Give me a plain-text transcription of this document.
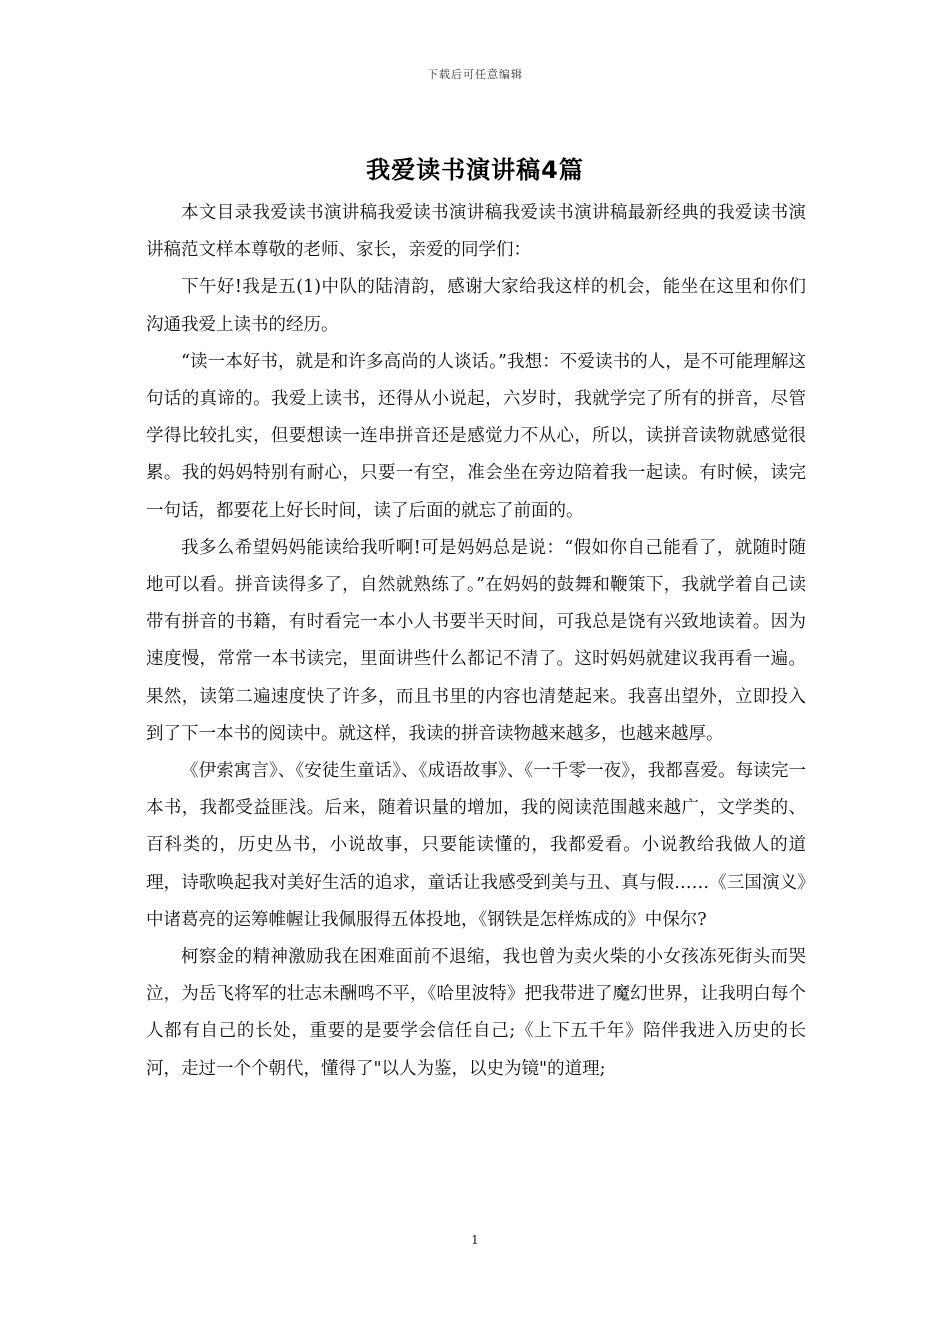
下载后可任意编辑
我爱读书演讲稿4篇

本文目录我爱读书演讲稿我爱读书演讲稿我爱读书演讲稿最新经典的我爱读书演讲稿范文样本尊敬的老师、家长，亲爱的同学们：

下午好!我是五(1)中队的陆清韵，感谢大家给我这样的机会，能坐在这里和你们沟通我爱上读书的经历。

“读一本好书，就是和许多高尚的人谈话。”我想：不爱读书的人，是不可能理解这句话的真谛的。我爱上读书，还得从小说起，六岁时，我就学完了所有的拼音，尽管学得比较扎实，但要想读一连串拼音还是感觉力不从心，所以，读拼音读物就感觉很累。我的妈妈特别有耐心，只要一有空，准会坐在旁边陪着我一起读。有时候，读完一句话，都要花上好长时间，读了后面的就忘了前面的。

我多么希望妈妈能读给我听啊!可是妈妈总是说：“假如你自己能看了，就随时随地可以看。拼音读得多了，自然就熟练了。”在妈妈的鼓舞和鞭策下，我就学着自己读带有拼音的书籍，有时看完一本小人书要半天时间，可我总是饶有兴致地读着。因为速度慢，常常一本书读完，里面讲些什么都记不清了。这时妈妈就建议我再看一遍。果然，读第二遍速度快了许多，而且书里的内容也清楚起来。我喜出望外，立即投入到了下一本书的阅读中。就这样，我读的拼音读物越来越多，也越来越厚。

《伊索寓言》、《安徒生童话》、《成语故事》、《一千零一夜》，我都喜爱。每读完一本书，我都受益匪浅。后来，随着识量的增加，我的阅读范围越来越广，文学类的、百科类的，历史丛书，小说故事，只要能读懂的，我都爱看。小说教给我做人的道理，诗歌唤起我对美好生活的追求，童话让我感受到美与丑、真与假……《三国演义》中诸葛亮的运筹帷幄让我佩服得五体投地，《钢铁是怎样炼成的》中保尔?

柯察金的精神激励我在困难面前不退缩，我也曾为卖火柴的小女孩冻死街头而哭泣，为岳飞将军的壮志未酬鸣不平，《哈里波特》把我带进了魔幻世界，让我明白每个人都有自己的长处，重要的是要学会信任自己;《上下五千年》陪伴我进入历史的长河，走过一个个朝代，懂得了"以人为鉴，以史为镜"的道理;

1
